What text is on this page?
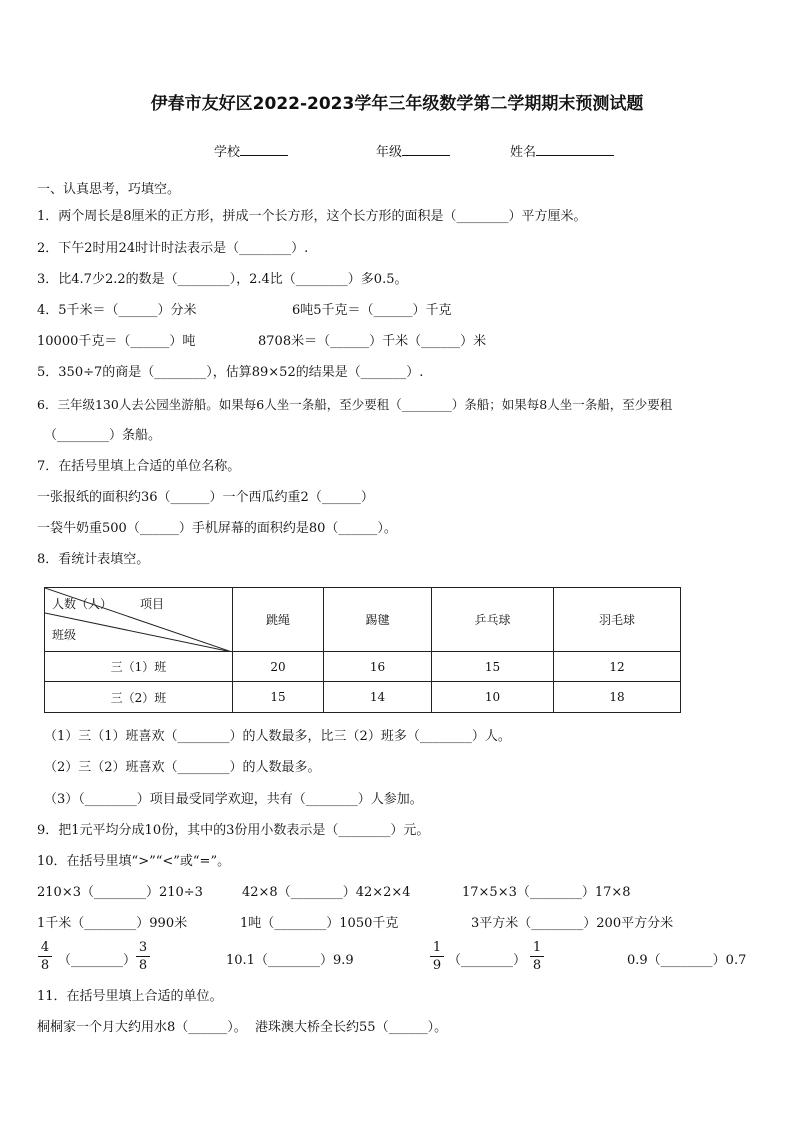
伊春市友好区2022-2023学年三年级数学第二学期期末预测试题
学校	年级	姓名
一、认真思考，巧填空。
1．两个周长是8厘米的正方形，拼成一个长方形，这个长方形的面积是（________）平方厘米。
2．下午2时用24时计时法表示是（________）.
3．比4.7少2.2的数是（________），2.4比（________）多0.5。
4．5千米＝（______）分米	6吨5千克＝（______）千克
10000千克＝（______）吨	8708米＝（______）千米（______）米
5．350÷7的商是（________），估算89×52的结果是（_______）.
6．三年级130人去公园坐游船。如果每6人坐一条船，至少要租（________）条船；如果每8人坐一条船，至少要租
（________）条船。
7．在括号里填上合适的单位名称。
一张报纸的面积约36（______）一个西瓜约重2（______）
一袋牛奶重500（______）手机屏幕的面积约是80（______）。
8．看统计表填空。
人数（人） 项目
班级	跳绳	踢毽	乒乓球	羽毛球
三（1）班	20	16	15	12
三（2）班	15	14	10	18
（1）三（1）班喜欢（________）的人数最多，比三（2）班多（________）人。
（2）三（2）班喜欢（________）的人数最多。
（3）（________）项目最受同学欢迎，共有（________）人参加。
9．把1元平均分成10份，其中的3份用小数表示是（________）元。
10．在括号里填“>”“<”或“=”。
210×3（________）210÷3	42×8（________）42×2×4	17×5×3（________）17×8
1千米（________）990米	1吨（________）1050千克	3平方米（________）200平方分米
4
8 （________）
3
8	10.1（________）9.9
1
9 （________）
1
8	0.9（________）0.7
11．在括号里填上合适的单位。
桐桐家一个月大约用水8（______）。  港珠澳大桥全长约55（______）。
